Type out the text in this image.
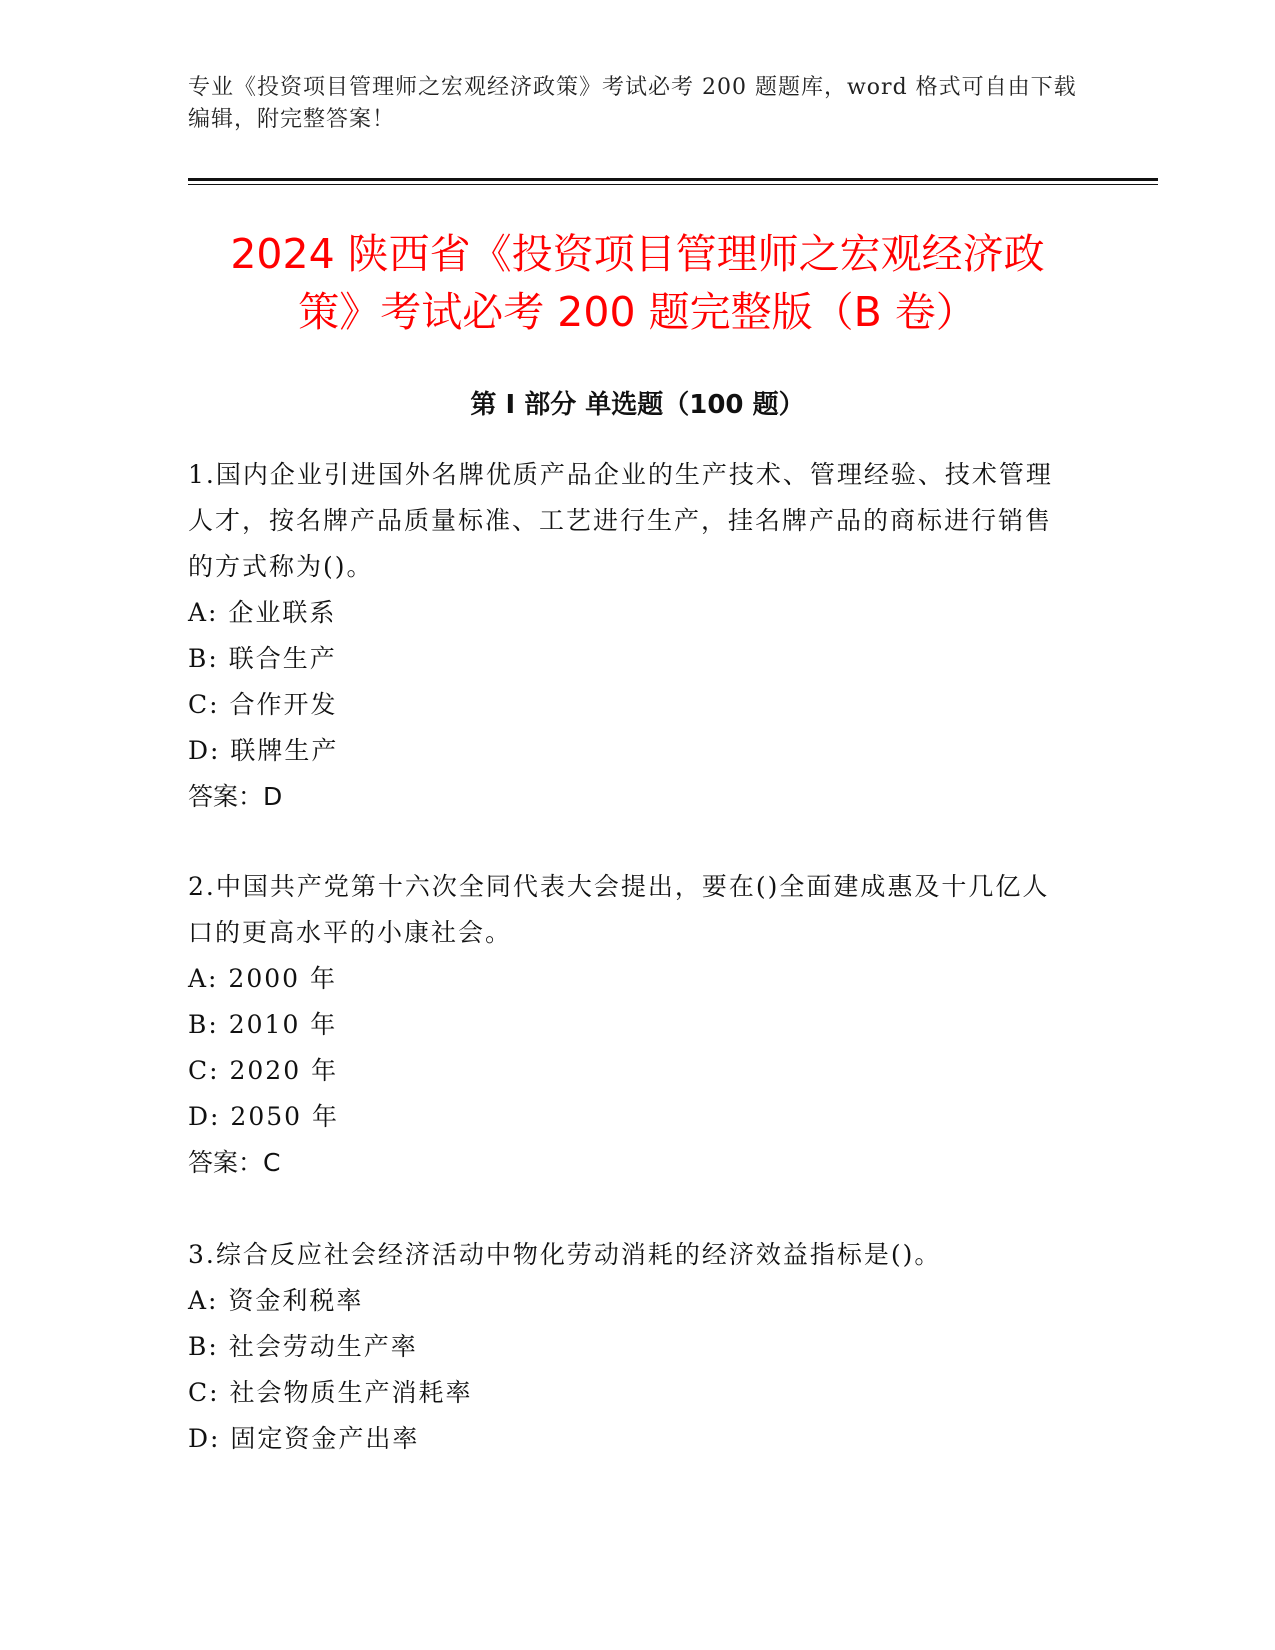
专业《投资项目管理师之宏观经济政策》考试必考 200 题题库，word 格式可自由下载编辑，附完整答案！
2024 陕西省《投资项目管理师之宏观经济政
策》考试必考 200 题完整版（B 卷）
第 I 部分 单选题（100 题）

1.国内企业引进国外名牌优质产品企业的生产技术、管理经验、技术管理人才，按名牌产品质量标准、工艺进行生产，挂名牌产品的商标进行销售的方式称为()。

A: 企业联系

B: 联合生产

C: 合作开发

D: 联牌生产

答案：D

2.中国共产党第十六次全同代表大会提出，要在()全面建成惠及十几亿人口的更高水平的小康社会。

A: 2000 年

B: 2010 年

C: 2020 年

D: 2050 年

答案：C

3.综合反应社会经济活动中物化劳动消耗的经济效益指标是()。

A: 资金利税率

B: 社会劳动生产率

C: 社会物质生产消耗率

D: 固定资金产出率
